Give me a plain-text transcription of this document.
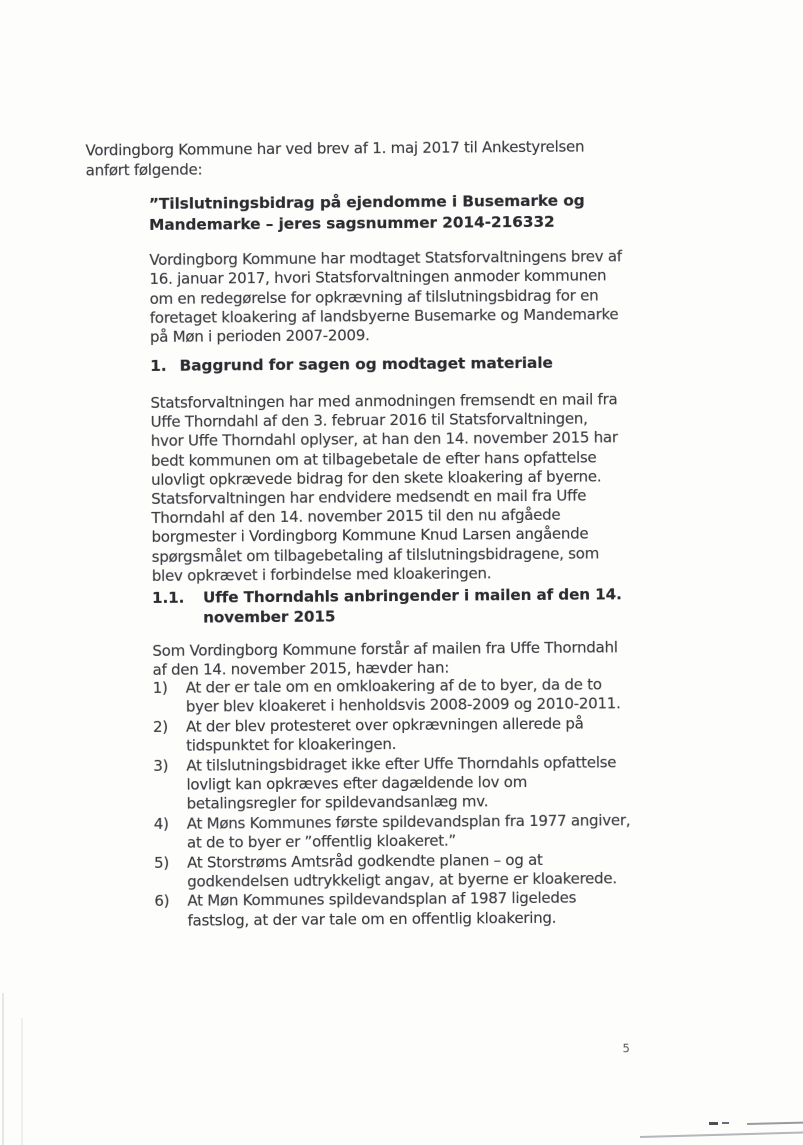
Vordingborg Kommune har ved brev af 1. maj 2017 til Ankestyrelsen
anført følgende:

”Tilslutningsbidrag på ejendomme i Busemarke og
Mandemarke – jeres sagsnummer 2014-216332

Vordingborg Kommune har modtaget Statsforvaltningens brev af
16. januar 2017, hvori Statsforvaltningen anmoder kommunen
om en redegørelse for opkrævning af tilslutningsbidrag for en
foretaget kloakering af landsbyerne Busemarke og Mandemarke
på Møn i perioden 2007-2009.

1. Baggrund for sagen og modtaget materiale

Statsforvaltningen har med anmodningen fremsendt en mail fra
Uffe Thorndahl af den 3. februar 2016 til Statsforvaltningen,
hvor Uffe Thorndahl oplyser, at han den 14. november 2015 har
bedt kommunen om at tilbagebetale de efter hans opfattelse
ulovligt opkrævede bidrag for den skete kloakering af byerne.
Statsforvaltningen har endvidere medsendt en mail fra Uffe
Thorndahl af den 14. november 2015 til den nu afgåede
borgmester i Vordingborg Kommune Knud Larsen angående
spørgsmålet om tilbagebetaling af tilslutningsbidragene, som
blev opkrævet i forbindelse med kloakeringen.

1.1.	Uffe Thorndahls anbringender i mailen af den 14.
november 2015

Som Vordingborg Kommune forstår af mailen fra Uffe Thorndahl
af den 14. november 2015, hævder han:

1)	At der er tale om en omkloakering af de to byer, da de to
byer blev kloakeret i henholdsvis 2008-2009 og 2010-2011.
2)	At der blev protesteret over opkrævningen allerede på
tidspunktet for kloakeringen.
3)	At tilslutningsbidraget ikke efter Uffe Thorndahls opfattelse
lovligt kan opkræves efter dagældende lov om
betalingsregler for spildevandsanlæg mv.
4)	At Møns Kommunes første spildevandsplan fra 1977 angiver,
at de to byer er ”offentlig kloakeret.”
5)	At Storstrøms Amtsråd godkendte planen – og at
godkendelsen udtrykkeligt angav, at byerne er kloakerede.
6)	At Møn Kommunes spildevandsplan af 1987 ligeledes
fastslog, at der var tale om en offentlig kloakering.
5
